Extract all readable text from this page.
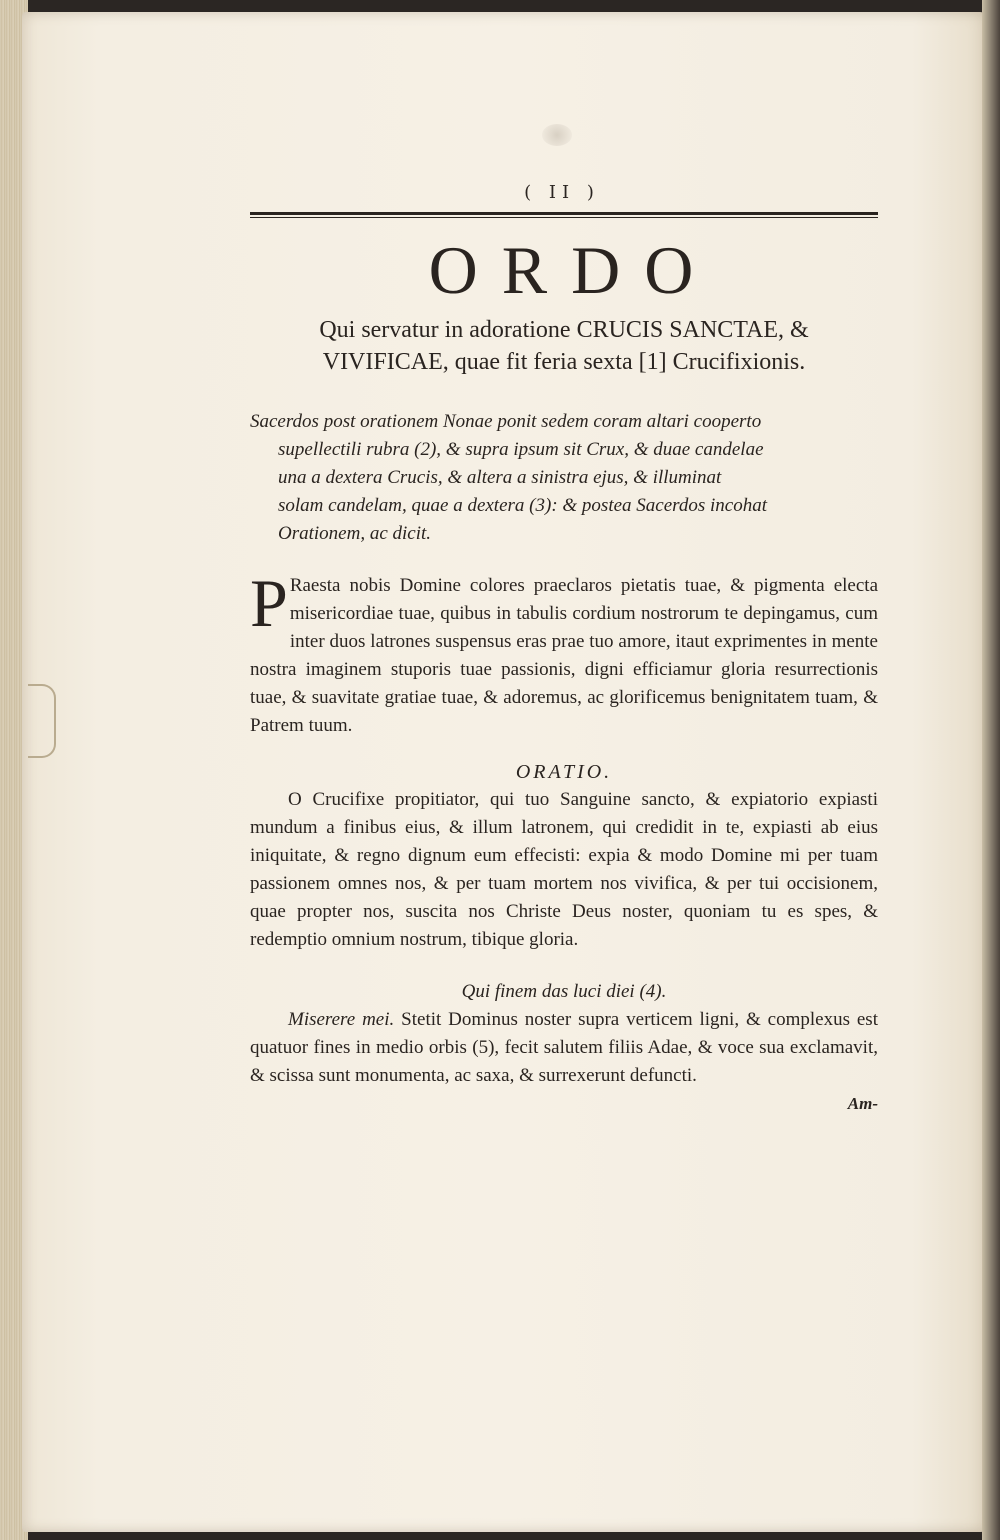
( II )
ORDO
Qui servatur in adoratione CRUCIS SANCTAE, &
VIVIFICAE, quae fit feria sexta [1] Crucifixionis.
Sacerdos post orationem Nonae ponit sedem coram altari cooperto
supellectili rubra (2), & supra ipsum sit Crux, & duae candelae
una a dextera Crucis, & altera a sinistra ejus, & illuminat
solam candelam, quae a dextera (3): & postea Sacerdos incohat
Orationem, ac dicit.
P Raesta nobis Domine colores praeclaros pietatis tuae, & pigmenta electa misericordiae tuae, quibus in tabulis cordium nostrorum te depingamus, cum inter duos latrones suspensus eras prae tuo amore, itaut exprimentes in mente nostra imaginem stuporis tuae passionis, digni efficiamur gloria resurrectionis tuae, & suavitate gratiae tuae, & adoremus, ac glorificemus benignitatem tuam, & Patrem tuum.
ORATIO.
O Crucifixe propitiator, qui tuo Sanguine sancto, & expiatorio expiasti mundum a finibus eius, & illum latronem, qui credidit in te, expiasti ab eius iniquitate, & regno dignum eum effecisti: expia & modo Domine mi per tuam passionem omnes nos, & per tuam mortem nos vivifica, & per tui occisionem, quae propter nos, suscita nos Christe Deus noster, quoniam tu es spes, & redemptio omnium nostrum, tibique gloria.
Qui finem das luci diei (4).
Miserere mei. Stetit Dominus noster supra verticem ligni, & complexus est quatuor fines in medio orbis (5), fecit salutem filiis Adae, & voce sua exclamavit, & scissa sunt monumenta, ac saxa, & surrexerunt defuncti.
Am-
